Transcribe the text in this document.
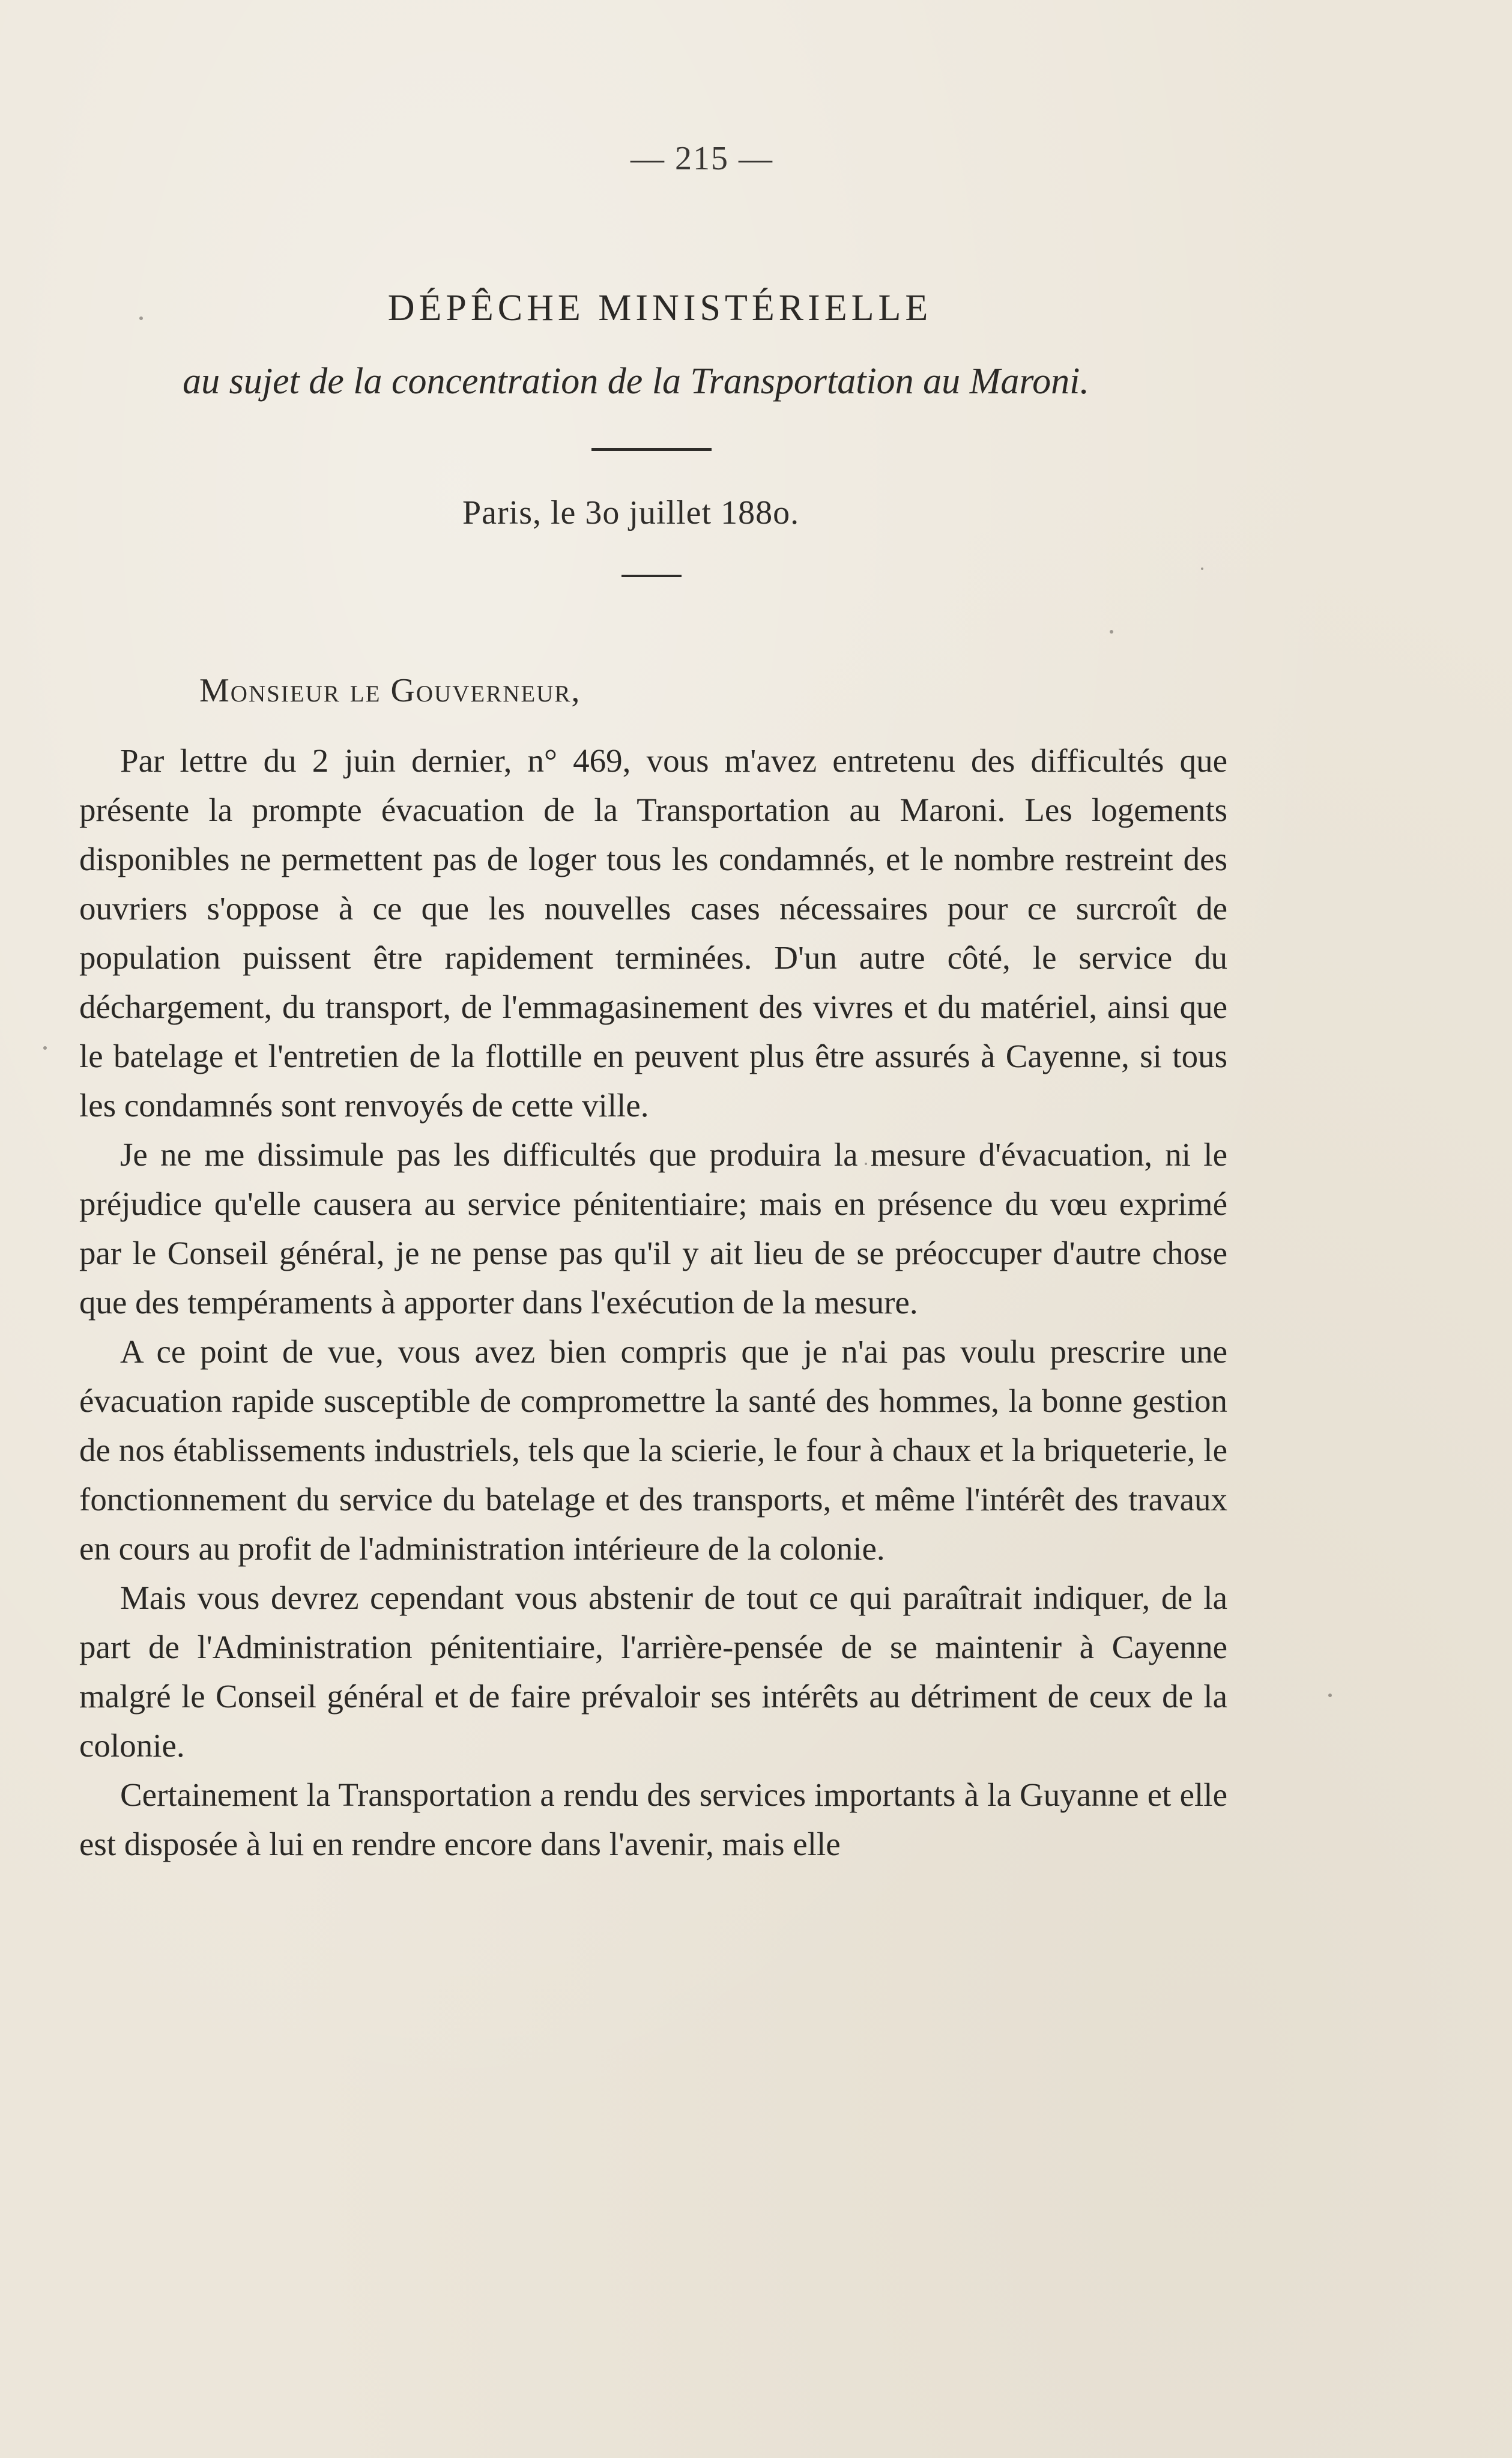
— 215 —
DÉPÊCHE MINISTÉRIELLE
au sujet de la concentration de la Transportation au Maroni.
Paris, le 3o juillet 188o.
Monsieur le Gouverneur,

Par lettre du 2 juin dernier, n° 469, vous m'avez entretenu des difficultés que présente la prompte évacuation de la Transportation au Maroni. Les logements disponibles ne permettent pas de loger tous les condamnés, et le nombre restreint des ouvriers s'oppose à ce que les nouvelles cases nécessaires pour ce surcroît de population puissent être rapidement terminées. D'un autre côté, le service du déchargement, du transport, de l'emmagasinement des vivres et du matériel, ainsi que le batelage et l'entretien de la flottille en peuvent plus être assurés à Cayenne, si tous les condamnés sont renvoyés de cette ville.

Je ne me dissimule pas les difficultés que produira la mesure d'évacuation, ni le préjudice qu'elle causera au service pénitentiaire; mais en présence du vœu exprimé par le Conseil général, je ne pense pas qu'il y ait lieu de se préoccuper d'autre chose que des tempéraments à apporter dans l'exécution de la mesure.

A ce point de vue, vous avez bien compris que je n'ai pas voulu prescrire une évacuation rapide susceptible de compromettre la santé des hommes, la bonne gestion de nos établissements industriels, tels que la scierie, le four à chaux et la briqueterie, le fonctionnement du service du batelage et des transports, et même l'intérêt des travaux en cours au profit de l'administration intérieure de la colonie.

Mais vous devrez cependant vous abstenir de tout ce qui paraîtrait indiquer, de la part de l'Administration pénitentiaire, l'arrière-pensée de se maintenir à Cayenne malgré le Conseil général et de faire prévaloir ses intérêts au détriment de ceux de la colonie.

Certainement la Transportation a rendu des services importants à la Guyanne et elle est disposée à lui en rendre encore dans l'avenir, mais elle
